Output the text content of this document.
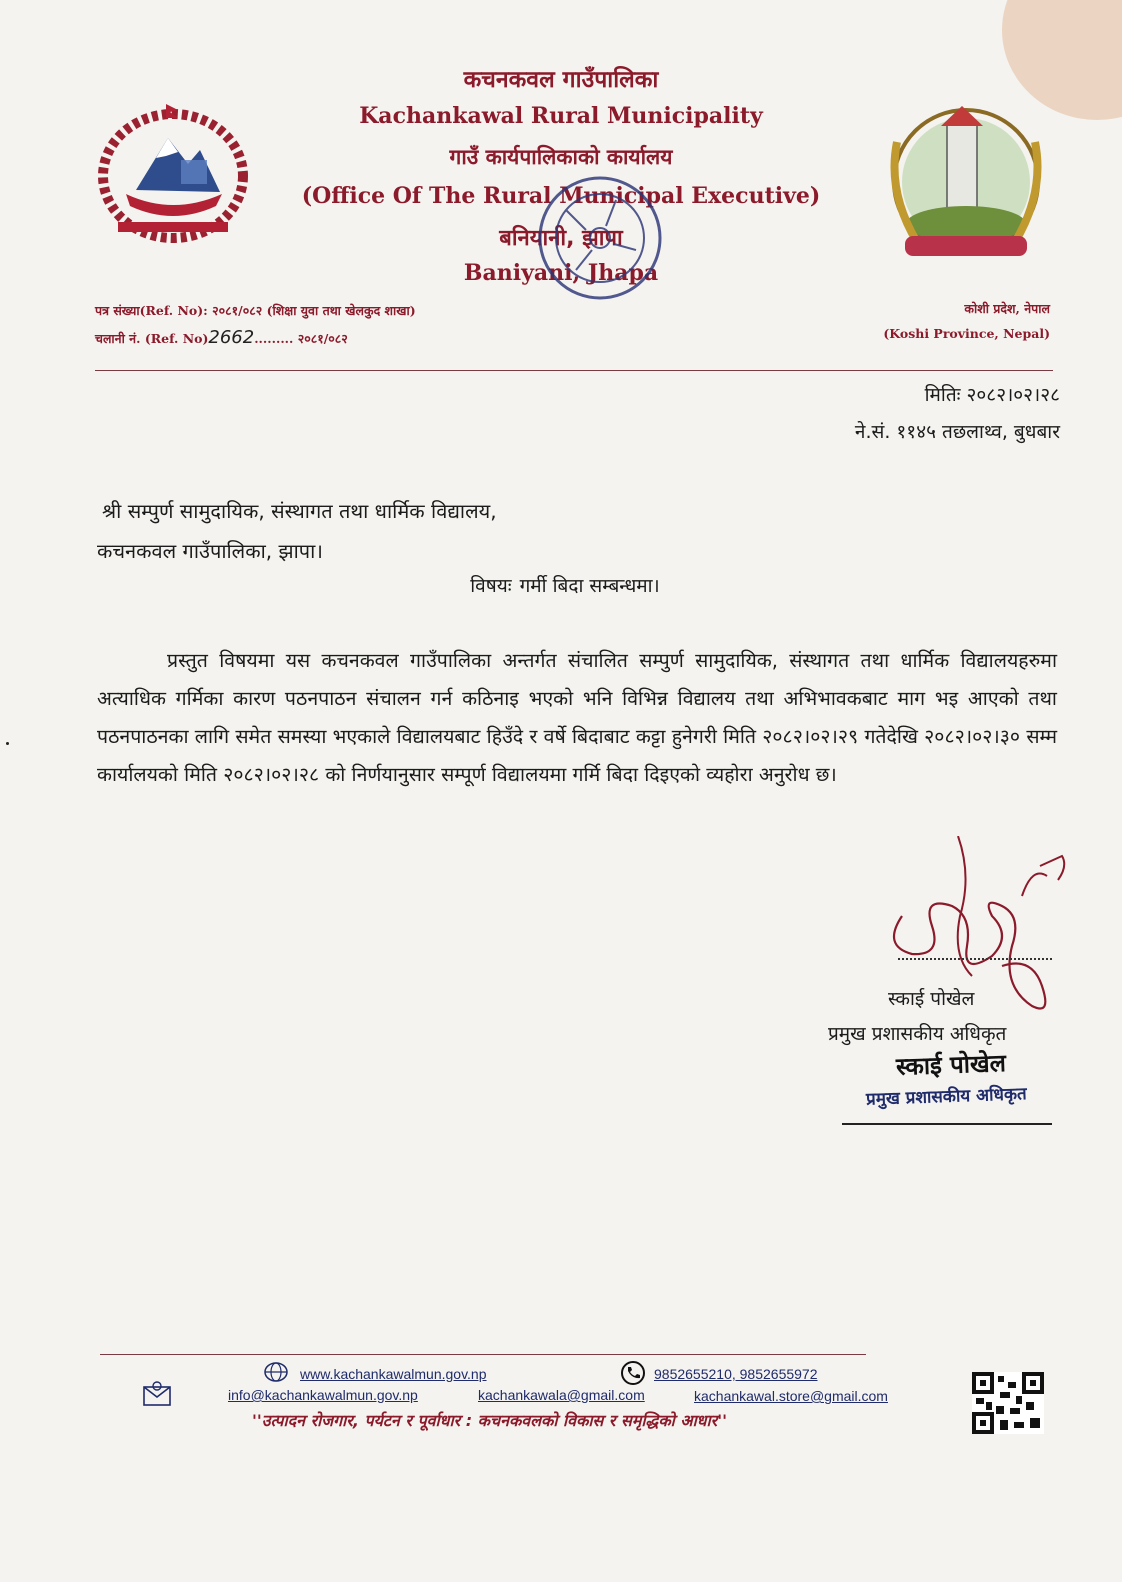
कचनकवल गाउँपालिका
Kachankawal Rural Municipality
गाउँ कार्यपालिकाको कार्यालय
(Office Of The Rural Municipal Executive)
बनियानी, झापा
Baniyani, Jhapa
पत्र संख्या(Ref. No): २०८१/०८२ (शिक्षा युवा तथा खेलकुद शाखा)
चलानी नं. (Ref. No)2662......... २०८१/०८२
कोशी प्रदेश, नेपाल
(Koshi Province, Nepal)
मितिः २०८२।०२।२८
ने.सं. ११४५ तछलाथ्व, बुधबार
श्री सम्पुर्ण सामुदायिक, संस्थागत तथा धार्मिक विद्यालय,
कचनकवल गाउँपालिका, झापा।
विषयः गर्मी बिदा सम्बन्धमा।
प्रस्तुत विषयमा यस कचनकवल गाउँपालिका अन्तर्गत संचालित सम्पुर्ण सामुदायिक, संस्थागत तथा धार्मिक विद्यालयहरुमा अत्याधिक गर्मिका कारण पठनपाठन संचालन गर्न कठिनाइ भएको भनि विभिन्न विद्यालय तथा अभिभावकबाट माग भइ आएको तथा पठनपाठनका लागि समेत समस्या भएकाले विद्यालयबाट हिउँदे र वर्षे बिदाबाट कट्टा हुनेगरी मिति २०८२।०२।२९ गतेदेखि २०८२।०२।३० सम्म कार्यालयको मिति २०८२।०२।२८ को निर्णयानुसार सम्पूर्ण विद्यालयमा गर्मि बिदा दिइएको व्यहोरा अनुरोध छ।
स्काई पोखेल
प्रमुख प्रशासकीय अधिकृत
स्काई पोखेल
प्रमुख प्रशासकीय अधिकृत
www.kachankawalmun.gov.np	9852655210, 9852655972
info@kachankawalmun.gov.np	kachankawala@gmail.com	kachankawal.store@gmail.com
''उत्पादन रोजगार, पर्यटन र पूर्वाधार : कचनकवलको विकास र समृद्धिको आधार''
